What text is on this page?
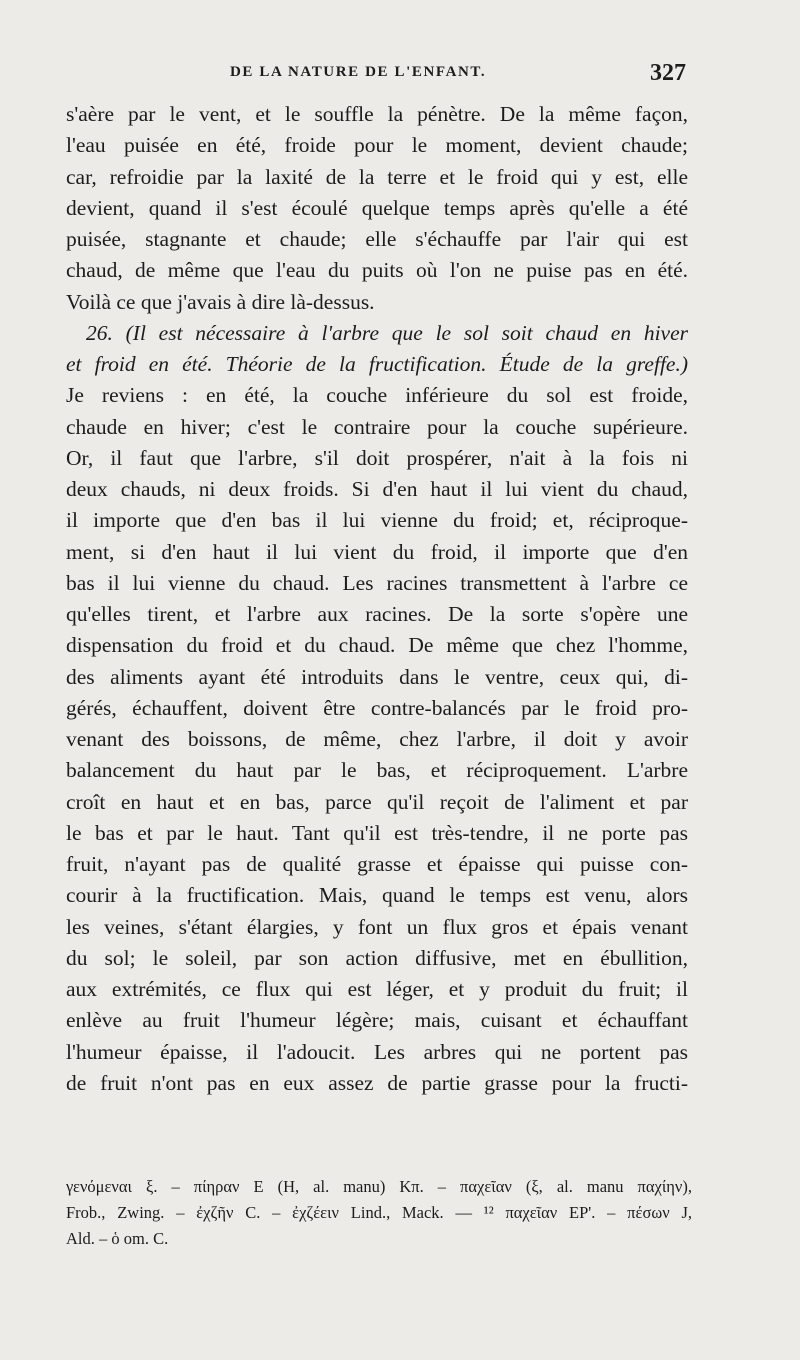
DE LA NATURE DE L'ENFANT.	327
s'aère par le vent, et le souffle la pénètre. De la même façon,
l'eau puisée en été, froide pour le moment, devient chaude;
car, refroidie par la laxité de la terre et le froid qui y est, elle
devient, quand il s'est écoulé quelque temps après qu'elle a été
puisée, stagnante et chaude; elle s'échauffe par l'air qui est
chaud, de même que l'eau du puits où l'on ne puise pas en été.
Voilà ce que j'avais à dire là-dessus.
26. (Il est nécessaire à l'arbre que le sol soit chaud en hiver
et froid en été. Théorie de la fructification. Étude de la greffe.)
Je reviens : en été, la couche inférieure du sol est froide,
chaude en hiver; c'est le contraire pour la couche supérieure.
Or, il faut que l'arbre, s'il doit prospérer, n'ait à la fois ni
deux chauds, ni deux froids. Si d'en haut il lui vient du chaud,
il importe que d'en bas il lui vienne du froid; et, réciproque-
ment, si d'en haut il lui vient du froid, il importe que d'en
bas il lui vienne du chaud. Les racines transmettent à l'arbre ce
qu'elles tirent, et l'arbre aux racines. De la sorte s'opère une
dispensation du froid et du chaud. De même que chez l'homme,
des aliments ayant été introduits dans le ventre, ceux qui, di-
gérés, échauffent, doivent être contre-balancés par le froid pro-
venant des boissons, de même, chez l'arbre, il doit y avoir
balancement du haut par le bas, et réciproquement. L'arbre
croît en haut et en bas, parce qu'il reçoit de l'aliment et par
le bas et par le haut. Tant qu'il est très-tendre, il ne porte pas
fruit, n'ayant pas de qualité grasse et épaisse qui puisse con-
courir à la fructification. Mais, quand le temps est venu, alors
les veines, s'étant élargies, y font un flux gros et épais venant
du sol; le soleil, par son action diffusive, met en ébullition,
aux extrémités, ce flux qui est léger, et y produit du fruit; il
enlève au fruit l'humeur légère; mais, cuisant et échauffant
l'humeur épaisse, il l'adoucit. Les arbres qui ne portent pas
de fruit n'ont pas en eux assez de partie grasse pour la fructi-
γενόμεναι ξ. – πίηραν E (H, al. manu) Kπ. – παχεῖαν (ξ, al. manu παχίην),
Frob., Zwing. – ἐχζῆν C. – ἐχζέειν Lind., Mack. — ¹² παχεῖαν EP'. – πέσων J,
Ald. – ὁ om. C.
